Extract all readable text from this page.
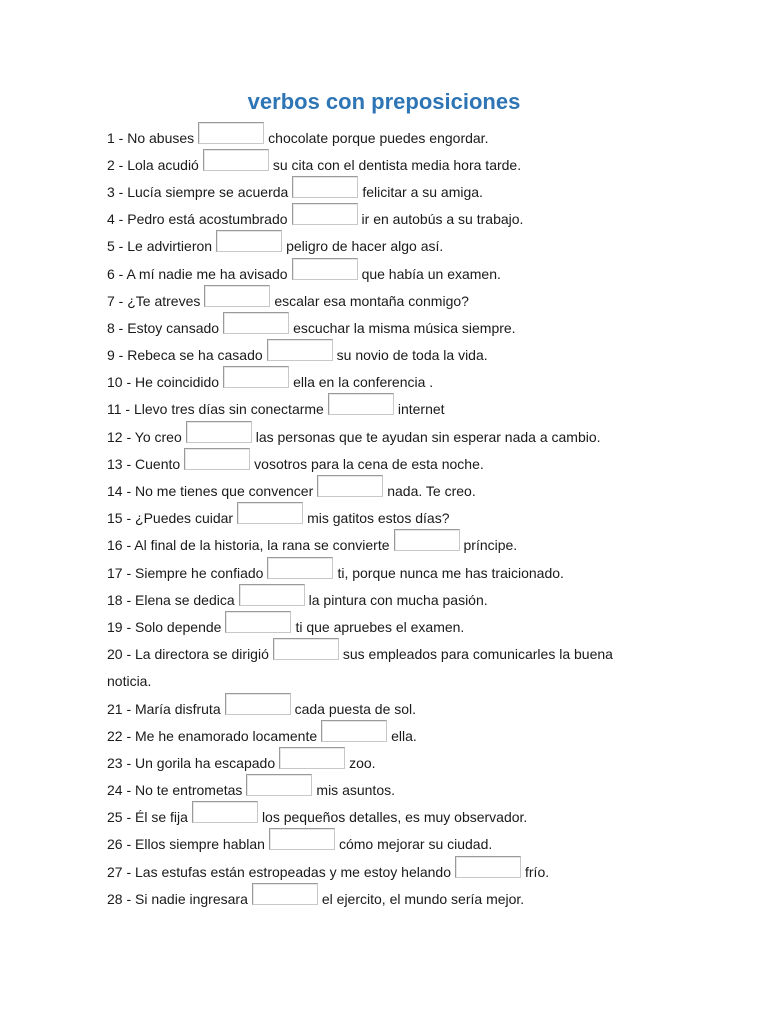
verbos con preposiciones
1 - No abuses	chocolate porque puedes engordar.
2 - Lola acudió	su cita con el dentista media hora tarde.
3 - Lucía siempre se acuerda	felicitar a su amiga.
4 - Pedro está acostumbrado	ir en autobús a su trabajo.
5 - Le advirtieron	peligro de hacer algo así.
6 - A mí nadie me ha avisado	que había un examen.
7 - ¿Te atreves	escalar esa montaña conmigo?
8 - Estoy cansado	escuchar la misma música siempre.
9 - Rebeca se ha casado	su novio de toda la vida.
10 - He coincidido	ella en la conferencia .
11 - Llevo tres días sin conectarme	internet
12 - Yo creo	las personas que te ayudan sin esperar nada a cambio.
13 - Cuento	vosotros para la cena de esta noche.
14 - No me tienes que convencer	nada. Te creo.
15 - ¿Puedes cuidar	mis gatitos estos días?
16 - Al final de la historia, la rana se convierte	príncipe.
17 - Siempre he confiado	ti, porque nunca me has traicionado.
18 - Elena se dedica	la pintura con mucha pasión.
19 - Solo depende	ti que apruebes el examen.
20 - La directora se dirigió	sus empleados para comunicarles la buena
noticia.
21 - María disfruta	cada puesta de sol.
22 - Me he enamorado locamente	ella.
23 - Un gorila ha escapado	zoo.
24 - No te entrometas	mis asuntos.
25 - Él se fija	los pequeños detalles, es muy observador.
26 - Ellos siempre hablan	cómo mejorar su ciudad.
27 - Las estufas están estropeadas y me estoy helando	frío.
28 - Si nadie ingresara	el ejercito, el mundo sería mejor.
